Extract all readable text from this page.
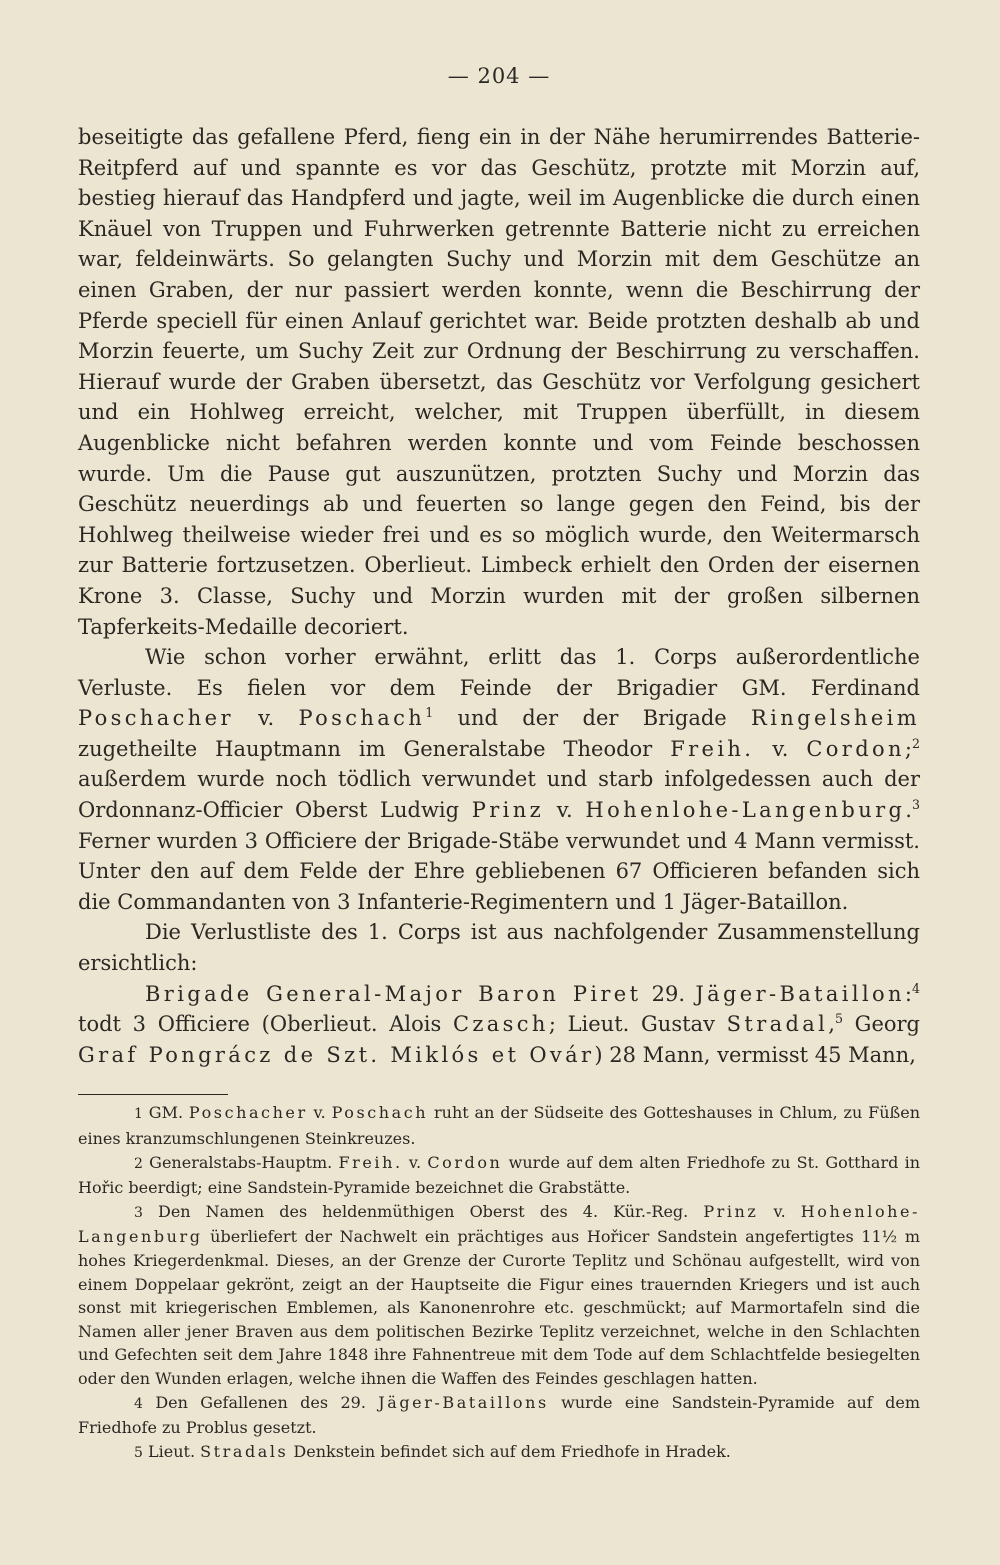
— 204 —

beseitigte das gefallene Pferd, fieng ein in der Nähe herumirrendes Batterie-Reitpferd auf und spannte es vor das Geschütz, protzte mit Morzin auf, bestieg hierauf das Handpferd und jagte, weil im Augenblicke die durch einen Knäuel von Truppen und Fuhrwerken getrennte Batterie nicht zu erreichen war, feldeinwärts. So gelangten Suchy und Morzin mit dem Geschütze an einen Graben, der nur passiert werden konnte, wenn die Beschirrung der Pferde speciell für einen Anlauf gerichtet war. Beide protzten deshalb ab und Morzin feuerte, um Suchy Zeit zur Ordnung der Beschirrung zu verschaffen. Hierauf wurde der Graben übersetzt, das Geschütz vor Verfolgung gesichert und ein Hohlweg erreicht, welcher, mit Truppen überfüllt, in diesem Augenblicke nicht befahren werden konnte und vom Feinde beschossen wurde. Um die Pause gut auszunützen, protzten Suchy und Morzin das Geschütz neuerdings ab und feuerten so lange gegen den Feind, bis der Hohlweg theilweise wieder frei und es so möglich wurde, den Weitermarsch zur Batterie fortzusetzen. Oberlieut. Limbeck erhielt den Orden der eisernen Krone 3. Classe, Suchy und Morzin wurden mit der großen silbernen Tapferkeits-Medaille decoriert.

Wie schon vorher erwähnt, erlitt das 1. Corps außerordentliche Verluste. Es fielen vor dem Feinde der Brigadier GM. Ferdinand Poschacher v. Poschach$^1$ und der der Brigade Ringelsheim zugetheilte Hauptmann im Generalstabe Theodor Freih. v. Cordon;$^2$ außerdem wurde noch tödlich verwundet und starb infolgedessen auch der Ordonnanz-Officier Oberst Ludwig Prinz v. Hohenlohe-Langenburg.$^3$ Ferner wurden 3 Officiere der Brigade-Stäbe verwundet und 4 Mann vermisst. Unter den auf dem Felde der Ehre gebliebenen 67 Officieren befanden sich die Commandanten von 3 Infanterie-Regimentern und 1 Jäger-Bataillon.

Die Verlustliste des 1. Corps ist aus nachfolgender Zusammenstellung ersichtlich:

Brigade General-Major Baron Piret 29. Jäger-Bataillon:$^4$ todt 3 Officiere (Oberlieut. Alois Czasch; Lieut. Gustav Stradal,$^5$ Georg Graf Pongrácz de Szt. Miklós et Ovár) 28 Mann, vermisst 45 Mann,

1 GM. Poschacher v. Poschach ruht an der Südseite des Gotteshauses in Chlum, zu Füßen eines kranzumschlungenen Steinkreuzes.

2 Generalstabs-Hauptm. Freih. v. Cordon wurde auf dem alten Friedhofe zu St. Gotthard in Hořic beerdigt; eine Sandstein-Pyramide bezeichnet die Grabstätte.

3 Den Namen des heldenmüthigen Oberst des 4. Kür.-Reg. Prinz v. Hohenlohe-Langenburg überliefert der Nachwelt ein prächtiges aus Hořicer Sandstein angefertigtes 11½ m hohes Kriegerdenkmal. Dieses, an der Grenze der Curorte Teplitz und Schönau aufgestellt, wird von einem Doppelaar gekrönt, zeigt an der Hauptseite die Figur eines trauernden Kriegers und ist auch sonst mit kriegerischen Emblemen, als Kanonenrohre etc. geschmückt; auf Marmortafeln sind die Namen aller jener Braven aus dem politischen Bezirke Teplitz verzeichnet, welche in den Schlachten und Gefechten seit dem Jahre 1848 ihre Fahnentreue mit dem Tode auf dem Schlachtfelde besiegelten oder den Wunden erlagen, welche ihnen die Waffen des Feindes geschlagen hatten.

4 Den Gefallenen des 29. Jäger-Bataillons wurde eine Sandstein-Pyramide auf dem Friedhofe zu Problus gesetzt.

5 Lieut. Stradals Denkstein befindet sich auf dem Friedhofe in Hradek.
